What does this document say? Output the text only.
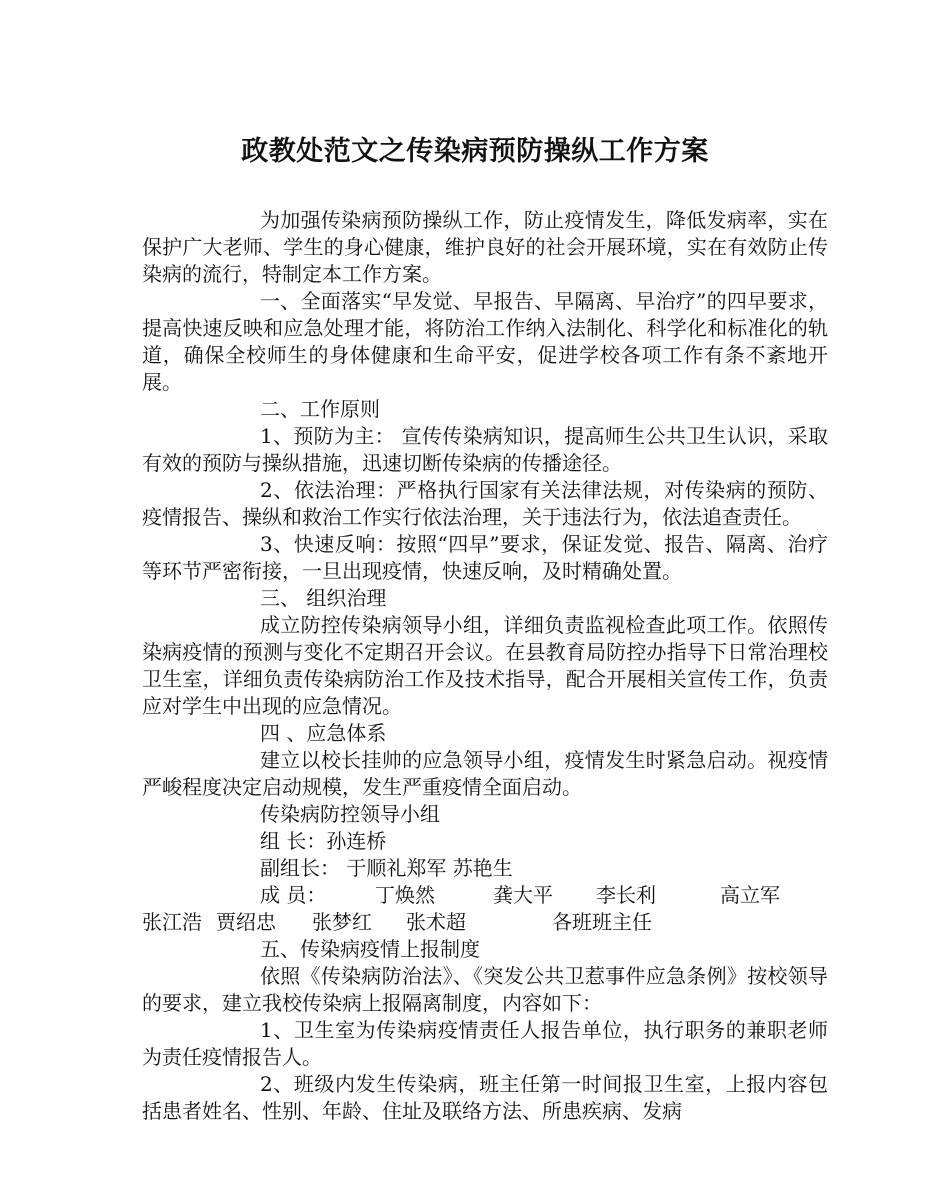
政教处范文之传染病预防操纵工作方案

为加强传染病预防操纵工作，防止疫情发生，降低发病率，实在保护广大老师、学生的身心健康，维护良好的社会开展环境，实在有效防止传染病的流行，特制定本工作方案。

一、全面落实“早发觉、早报告、早隔离、早治疗”的四早要求，提高快速反映和应急处理才能，将防治工作纳入法制化、科学化和标准化的轨道，确保全校师生的身体健康和生命平安，促进学校各项工作有条不紊地开展。

二、工作原则

1、预防为主： 宣传传染病知识，提高师生公共卫生认识，采取有效的预防与操纵措施，迅速切断传染病的传播途径。

2、依法治理：严格执行国家有关法律法规，对传染病的预防、疫情报告、操纵和救治工作实行依法治理，关于违法行为，依法追查责任。

3、快速反响：按照“四早”要求，保证发觉、报告、隔离、治疗等环节严密衔接，一旦出现疫情，快速反响，及时精确处置。

三、 组织治理

成立防控传染病领导小组，详细负责监视检查此项工作。依照传染病疫情的预测与变化不定期召开会议。在县教育局防控办指导下日常治理校卫生室，详细负责传染病防治工作及技术指导，配合开展相关宣传工作，负责应对学生中出现的应急情况。

四 、应急体系

建立以校长挂帅的应急领导小组，疫情发生时紧急启动。视疫情严峻程度决定启动规模，发生严重疫情全面启动。

传染病防控领导小组

组 长：孙连桥

副组长： 于顺礼郑军 苏艳生

成 员：	丁焕然	龚大平	李长利	高立军
张江浩 贾绍忠	张梦红	张术超	各班班主任

五、传染病疫情上报制度

依照《传染病防治法》、《突发公共卫惹事件应急条例》按校领导的要求，建立我校传染病上报隔离制度，内容如下：

1、卫生室为传染病疫情责任人报告单位，执行职务的兼职老师为责任疫情报告人。

2、班级内发生传染病，班主任第一时间报卫生室，上报内容包括患者姓名、性别、年龄、住址及联络方法、所患疾病、发病
